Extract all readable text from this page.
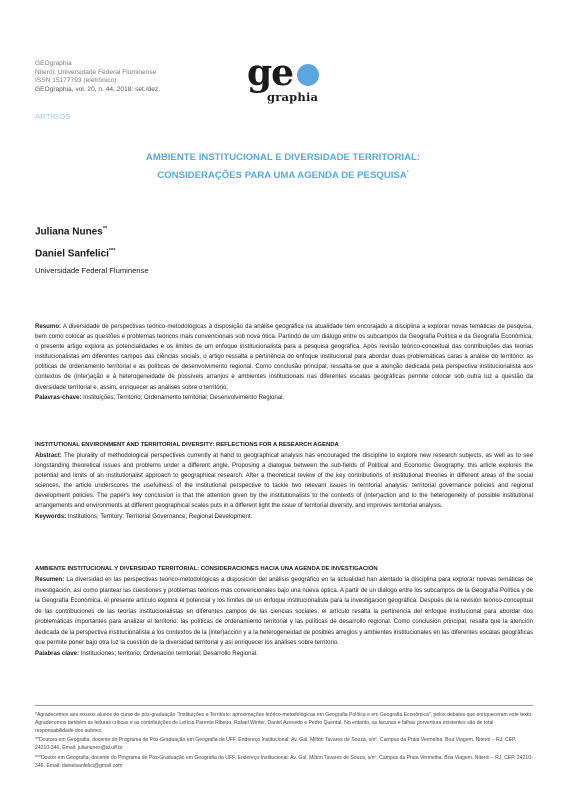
GEOgraphia
Niterói, Universidade Federal Fluminense
ISSN 15177793 (eletrônico)
GEOgraphia, vol. 20, n. 44, 2018: set./dez. ge
graphia
ARTIGOS
AMBIENTE INSTITUCIONAL E DIVERSIDADE TERRITORIAL:
CONSIDERAÇÕES PARA UMA AGENDA DE PESQUISA*
Juliana Nunes**
Daniel Sanfelici***
Universidade Federal Fluminense

Resumo: A diversidade de perspectivas teórico-metodológicas à disposição da análise geográfica na atualidade tem encorajado a disciplina a explorar novas temáticas de pesquisa, bem como colocar as questões e problemas teóricos mais convencionais sob nova ótica. Partindo de um diálogo entre os subcampos da Geografia Política e da Geografia Econômica, o presente artigo explora as potencialidades e os limites de um enfoque institucionalista para a pesquisa geográfica. Após revisão teórico-conceitual das contribuições das teorias institucionalistas em diferentes campos das ciências sociais, o artigo ressalta a pertinência do enfoque institucional para abordar duas problemáticas caras à análise do território: as políticas de ordenamento territorial e as políticas de desenvolvimento regional. Como conclusão principal, ressalta-se que a atenção dedicada pela perspectiva institucionalista aos contextos de (inter)ação e à heterogeneidade de possíveis arranjos e ambientes institucionais nas diferentes escalas geográficas permite colocar sob outra luz a questão da diversidade territorial e, assim, enriquecer as análises sobre o território.

Palavras-chave: Instituições; Território; Ordenamento territorial; Desenvolvimento Regional.

INSTITUTIONAL ENVIRONMENT AND TERRITORIAL DIVERSITY: REFLECTIONS FOR A RESEARCH AGENDA

Abstract: The plurality of methodological perspectives currently at hand to geographical analysis has encouraged the discipline to explore new research subjects, as well as to see longstanding theoretical issues and problems under a different angle. Proposing a dialogue between the sub-fields of Political and Economic Geography, this article explores the potential and limits of an institutionalist approach to geographical research. After a theoretical review of the key contributions of institutional theories in different areas of the social sciences, the article underscores the usefulness of the institutional perspective to tackle two relevant issues in territorial analysis: territorial governance policies and regional development policies. The paper's key conclusion is that the attention given by the institutionalists to the contexts of (inter)action and to the heterogeneity of possible institutional arrangements and environments at different geographical scales puts in a different light the issue of territorial diversity, and improves territorial analysis.

Keywords: Institutions; Territory; Territorial Governance; Regional Development.

AMBIENTE INSTITUCIONAL Y DIVERSIDAD TERRITORIAL: CONSIDERACIONES HACIA UNA AGENDA DE INVESTIGACIÓN

Resumen: La diversidad en las perspectivas teórico-metodológicas a disposición del análisis geográfico en la actualidad han alentado la disciplina para explorar nuevas temáticas de investigación, así como plantear las cuestiones y problemas teóricos mas convencionales bajo una nueva óptica. A partir de un dialogo entre los subcampos de la Geografía Política y de la Geografía Económica, el presente artículo explora el potencial y los límites de un enfoque institucionalista para la investigación geográfica. Después de la revisión teórico-conceptual de las contribuciones de las teorías institucionalistas en diferentes campos de las ciencias sociales, el artículo resalta la pertinencia del enfoque institucional para abordar dos problemáticas importantes para analizar el territorio: las políticas de ordenamiento territorial y las políticas de desarrollo regional. Como conclusión principal, resalta que la atención dedicada de la perspectiva institucionalista a los contextos de la (inter)acción y a la heterogeneidad de posibles arreglos y ambientes institucionales en las diferentes escalas geográficas que permite poner bajo otra luz la cuestión de la diversidad territorial y así enriquecer los análises sobre territorio.

Palabras clave: Instituciones; territorio; Ordenación territorial; Desarrollo Regional.

*Agradecemos aos nossos alunos do curso de pós-graduação "Instituições e Território: aproximações teórico-metodológicas em Geografia Política e em Geografia Econômica", pelos debates que enriqueceram este texto. Agradecemos também as leituras críticas e as contribuições de Letícia Parente Ribeiro, Rafael Winter, Daniel Azevedo e Pedro Quental. No entanto, as lacunas e falhas porventura existentes são de total responsabilidade dos autores.

**Doutora em Geografia, docente do Programa de Pós-Graduação em Geografia da UFF. Endereço Institucional: Av. Gal. Milton Tavares de Souza, s/nº, Campus da Praia Vermelha. Boa Viagem. Niterói – RJ, CEP. 24210-346. Email: julianunes@id.uff.br

***Doutor em Geografia, docente do Programa de Pós-Graduação em Geografia da UFF. Endereço Institucional: Av. Gal. Milton Tavares de Souza, s/nº, Campus da Praia Vermelha. Boa Viagem. Niterói – RJ, CEP. 24210-346. Email: danielsanfelici@gmail.com
